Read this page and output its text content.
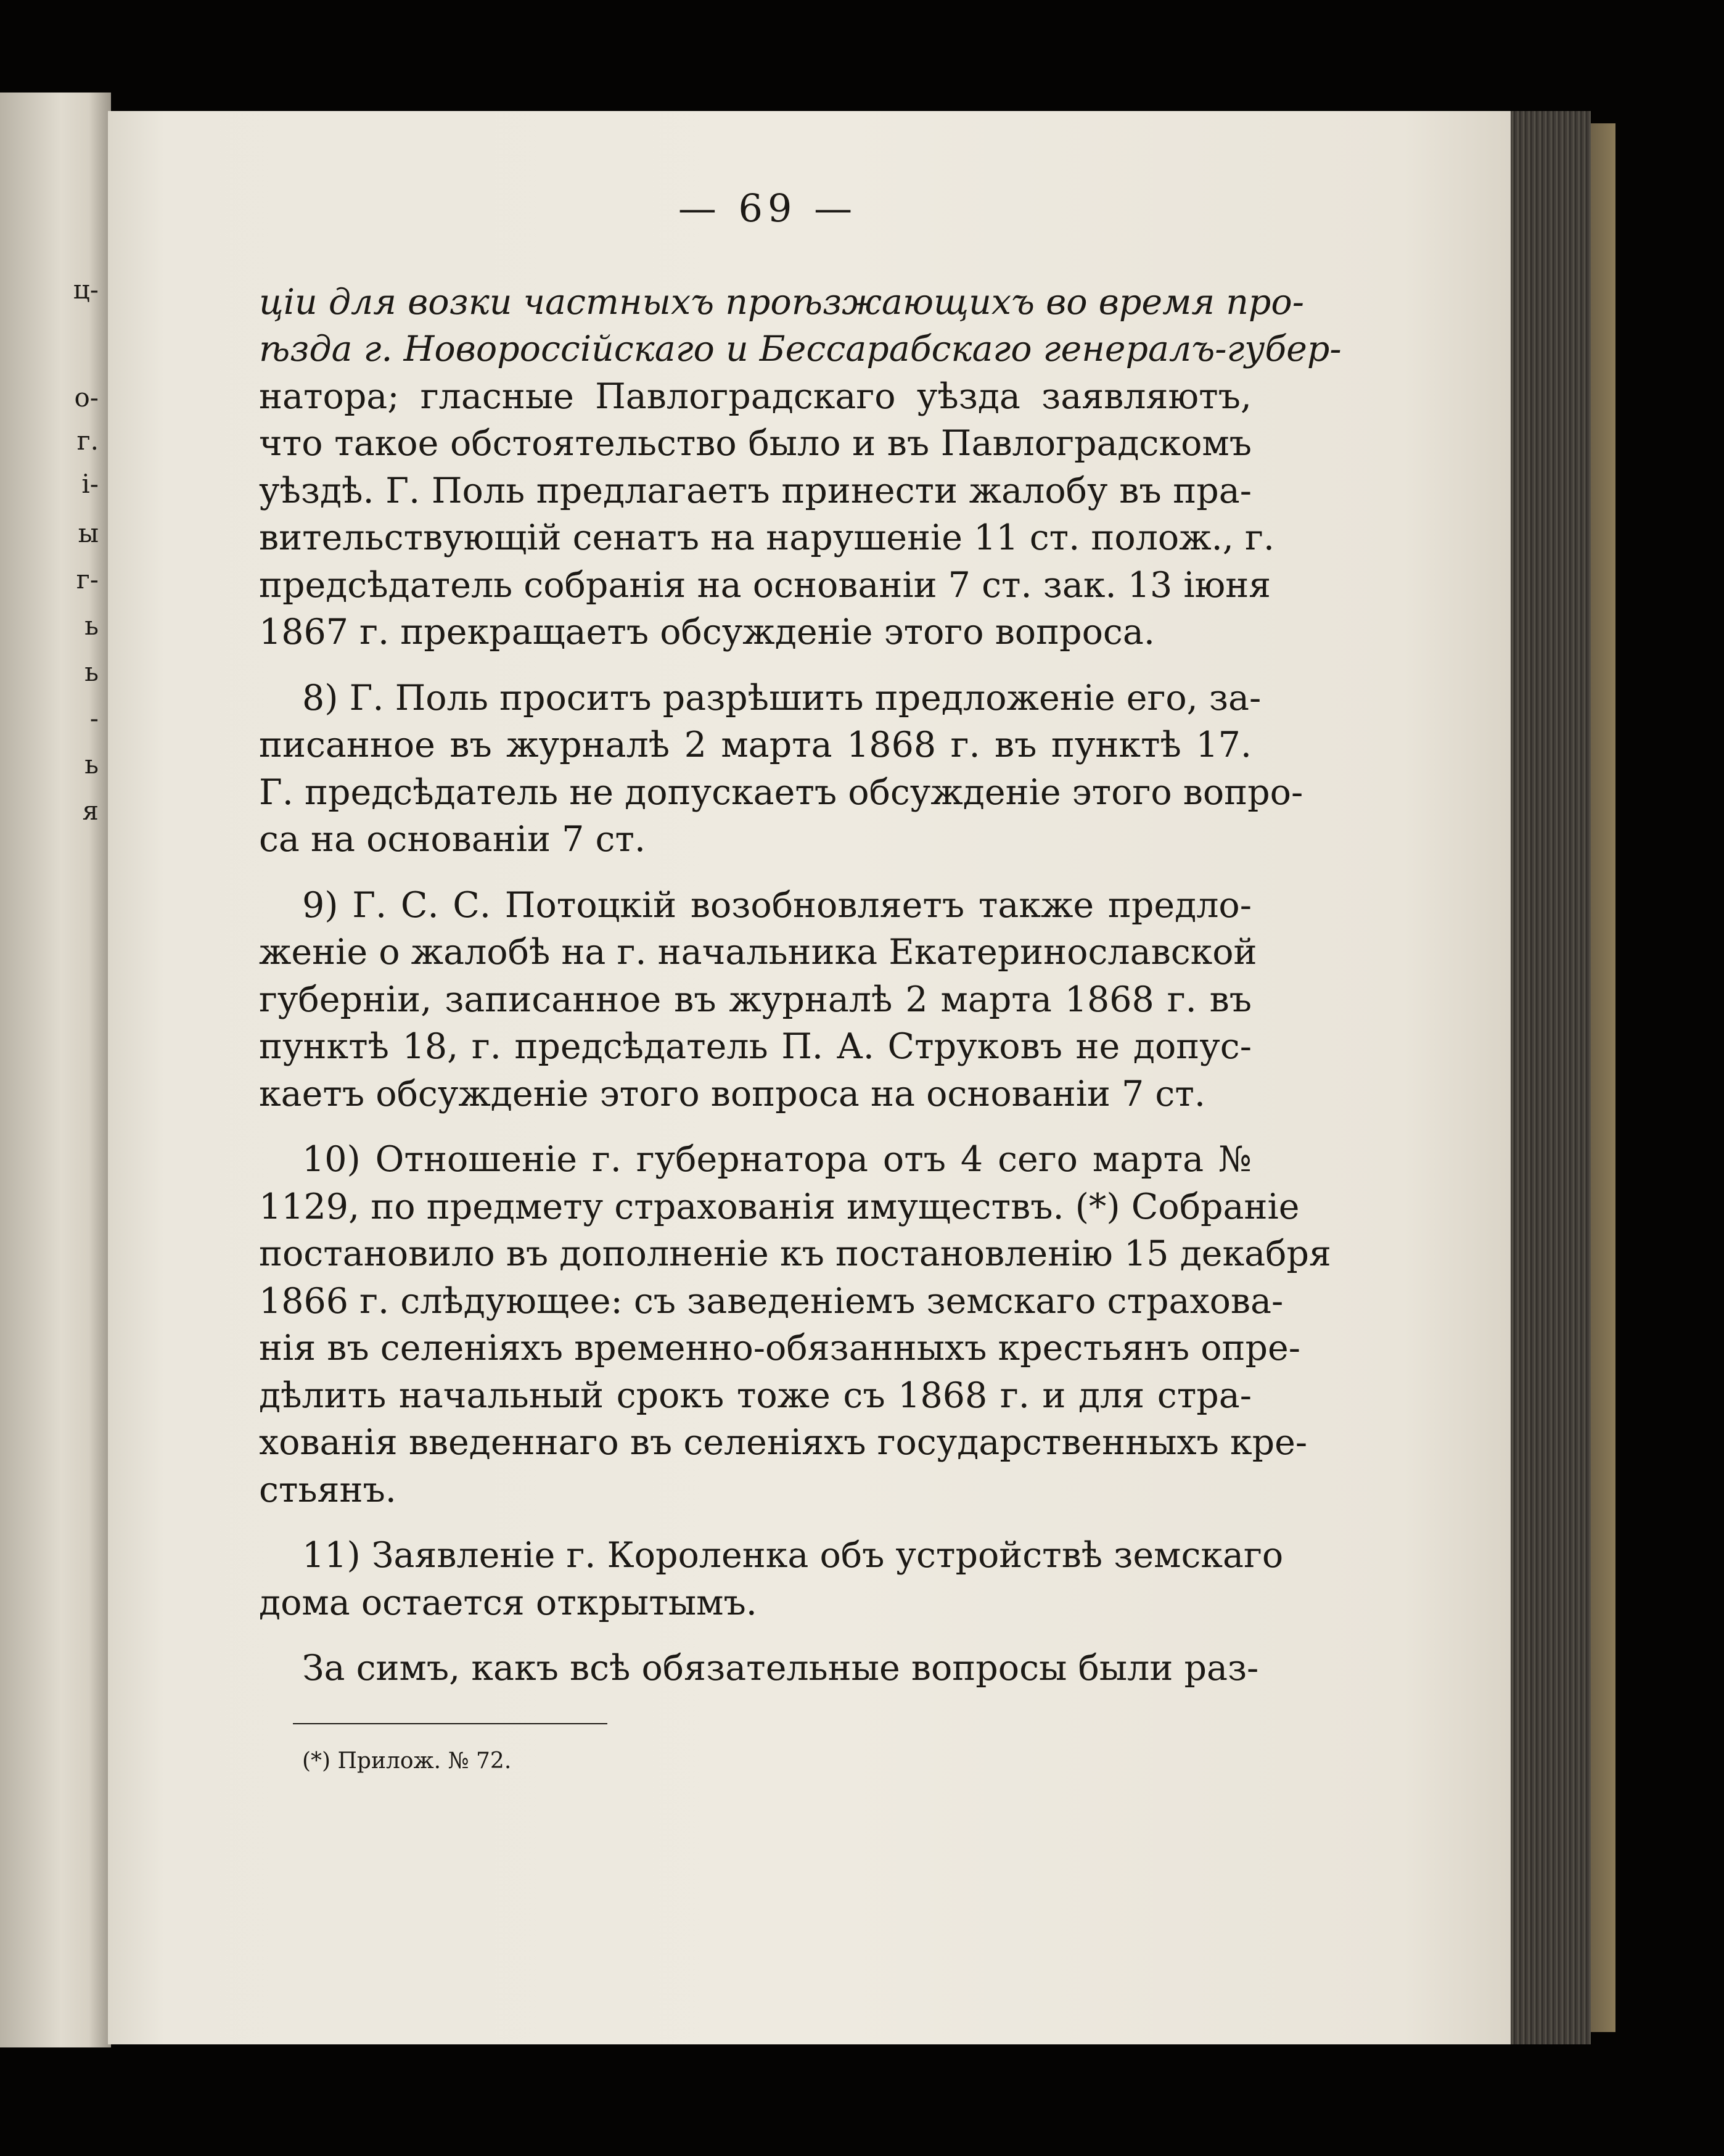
ц-
о-
г.
і-
ы
г-
ь
ь
-
ь
я
— 69 —
ціи для возки частныхъ проѣзжающихъ во время про-
ѣзда г. Новороссійскаго и Бессарабскаго генералъ-губер-
натора; гласные Павлоградскаго уѣзда заявляютъ,
что такое обстоятельство было и въ Павлоградскомъ
уѣздѣ. Г. Поль предлагаетъ принести жалобу въ пра-
вительствующій сенатъ на нарушеніе 11 ст. полож., г.
предсѣдатель собранія на основаніи 7 ст. зак. 13 іюня
1867 г. прекращаетъ обсужденіе этого вопроса.
8) Г. Поль проситъ разрѣшить предложеніе его, за-
писанное въ журналѣ 2 марта 1868 г. въ пунктѣ 17.
Г. предсѣдатель не допускаетъ обсужденіе этого вопро-
са на основаніи 7 ст.
9) Г. С. С. Потоцкій возобновляетъ также предло-
женіе о жалобѣ на г. начальника Екатеринославской
губерніи, записанное въ журналѣ 2 марта 1868 г. въ
пунктѣ 18, г. предсѣдатель П. А. Струковъ не допус-
каетъ обсужденіе этого вопроса на основаніи 7 ст.
10) Отношеніе г. губернатора отъ 4 сего марта №
1129, по предмету страхованія имуществъ. (*) Собраніе
постановило въ дополненіе къ постановленію 15 декабря
1866 г. слѣдующее: съ заведеніемъ земскаго страхова-
нія въ селеніяхъ временно-обязанныхъ крестьянъ опре-
дѣлить начальный срокъ тоже съ 1868 г. и для стра-
хованія введеннаго въ селеніяхъ государственныхъ кре-
стьянъ.
11) Заявленіе г. Короленка объ устройствѣ земскаго
дома остается открытымъ.
За симъ, какъ всѣ обязательные вопросы были раз-
(*) Прилож. № 72.
